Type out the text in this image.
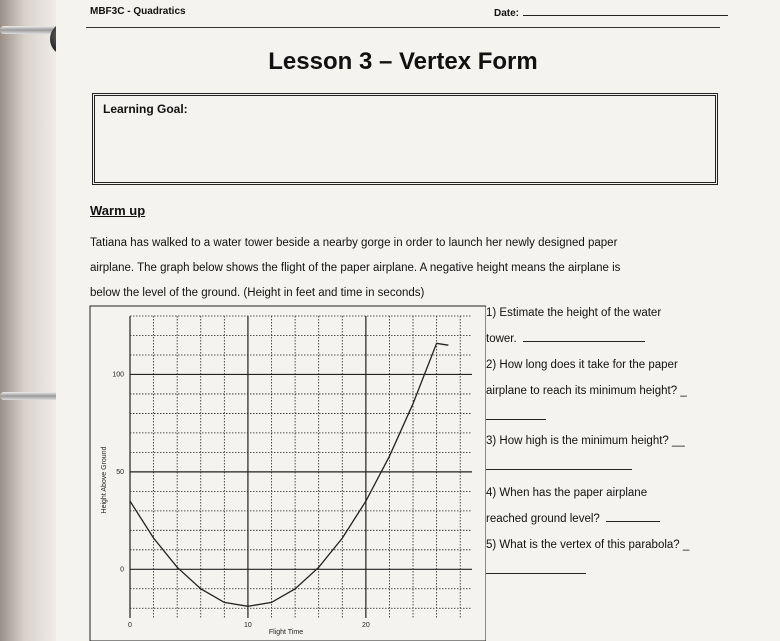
MBF3C - Quadratics	Date:
Lesson 3 – Vertex Form
Learning Goal:
Warm up
Tatiana has walked to a water tower beside a nearby gorge in order to launch her newly designed paper
airplane. The graph below shows the flight of the paper airplane. A negative height means the airplane is
below the level of the ground. (Height in feet and time in seconds)
0	10	20
0
50
100
Flight Time
Height Above Ground
1) Estimate the height of the water
tower.
2) How long does it take for the paper
airplane to reach its minimum height? _
3) How high is the minimum height? __
4) When has the paper airplane
reached ground level?
5) What is the vertex of this parabola? _
